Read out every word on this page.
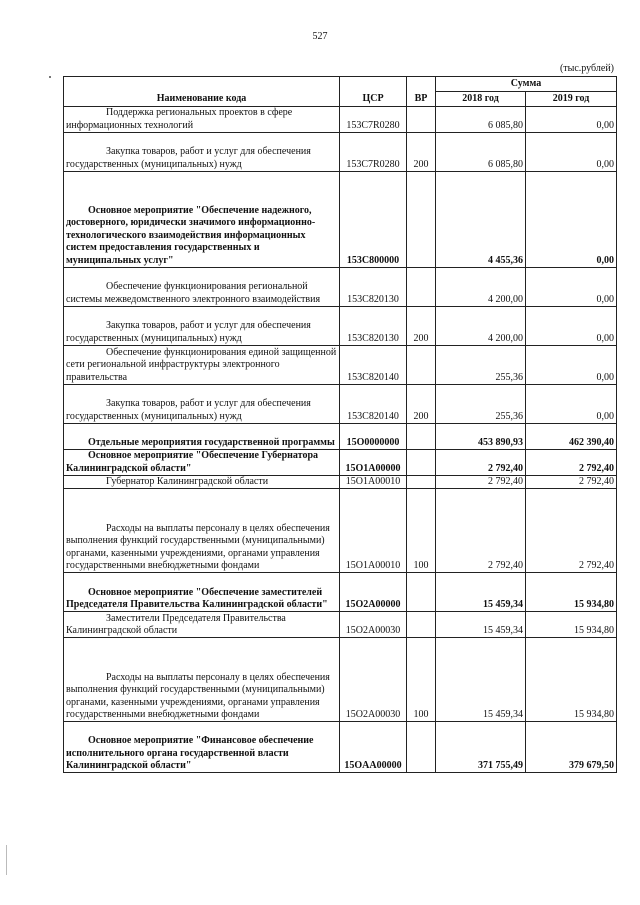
527
(тыс.рублей)
Наименование кода	ЦСР	ВР	Сумма	
			2018 год	2019 год
Поддержка региональных проектов в сфере информационных технологий	153C7R0280		6 085,80	0,00
Закупка товаров, работ и услуг для обеспечения государственных (муниципальных) нужд	153C7R0280	200	6 085,80	0,00
Основное мероприятие "Обеспечение надежного, достоверного, юридически значимого информационно-технологического взаимодействия информационных систем предоставления государственных и муниципальных услуг"	153C800000		4 455,36	0,00
Обеспечение функционирования региональной системы межведомственного электронного взаимодействия	153C820130		4 200,00	0,00
Закупка товаров, работ и услуг для обеспечения государственных (муниципальных) нужд	153C820130	200	4 200,00	0,00
Обеспечение функционирования единой защищенной сети региональной инфраструктуры электронного правительства	153C820140		255,36	0,00
Закупка товаров, работ и услуг для обеспечения государственных (муниципальных) нужд	153C820140	200	255,36	0,00
Отдельные мероприятия государственной программы	15O0000000		453 890,93	462 390,40
Основное мероприятие "Обеспечение Губернатора Калининградской области"	15O1A00000		2 792,40	2 792,40
Губернатор Калининградской области	15O1A00010		2 792,40	2 792,40
Расходы на выплаты персоналу в целях обеспечения выполнения функций государственными (муниципальными) органами, казенными учреждениями, органами управления государственными внебюджетными фондами	15O1A00010	100	2 792,40	2 792,40
Основное мероприятие "Обеспечение заместителей Председателя Правительства Калининградской области"	15O2A00000		15 459,34	15 934,80
Заместители Председателя Правительства Калининградской области	15O2A00030		15 459,34	15 934,80
Расходы на выплаты персоналу в целях обеспечения выполнения функций государственными (муниципальными) органами, казенными учреждениями, органами управления государственными внебюджетными фондами	15O2A00030	100	15 459,34	15 934,80
Основное мероприятие "Финансовое обеспечение исполнительного органа государственной власти Калининградской области"	15OAA00000		371 755,49	379 679,50
